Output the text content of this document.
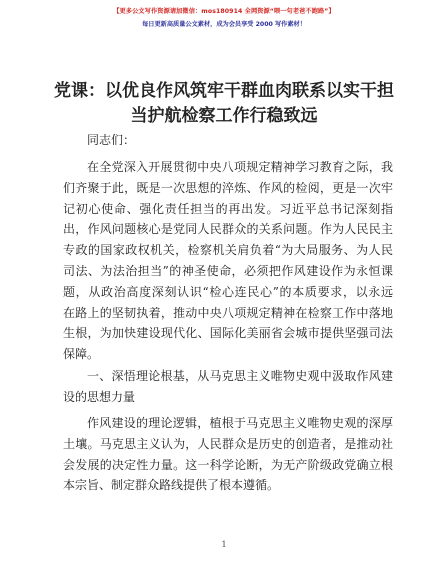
【更多公文写作资源请加微信：mos180914 全网资源“喂一句老爸不跑路”】
每日更新高质量公文素材，成为会员享受 2000 写作素材！
党课：以优良作风筑牢干群血肉联系以实干担
当护航检察工作行稳致远
同志们：

在全党深入开展贯彻中央八项规定精神学习教育之际，我
们齐聚于此，既是一次思想的淬炼、作风的检阅，更是一次牢
记初心使命、强化责任担当的再出发。习近平总书记深刻指
出，作风问题核心是党同人民群众的关系问题。作为人民民主
专政的国家政权机关，检察机关肩负着“为大局服务、为人民
司法、为法治担当”的神圣使命，必须把作风建设作为永恒课
题，从政治高度深刻认识“检心连民心”的本质要求，以永远
在路上的坚韧执着，推动中央八项规定精神在检察工作中落地
生根，为加快建设现代化、国际化美丽省会城市提供坚强司法
保障。

一、深悟理论根基，从马克思主义唯物史观中汲取作风建
设的思想力量

作风建设的理论逻辑，植根于马克思主义唯物史观的深厚
土壤。马克思主义认为，人民群众是历史的创造者，是推动社
会发展的决定性力量。这一科学论断，为无产阶级政党确立根
本宗旨、制定群众路线提供了根本遵循。

1
